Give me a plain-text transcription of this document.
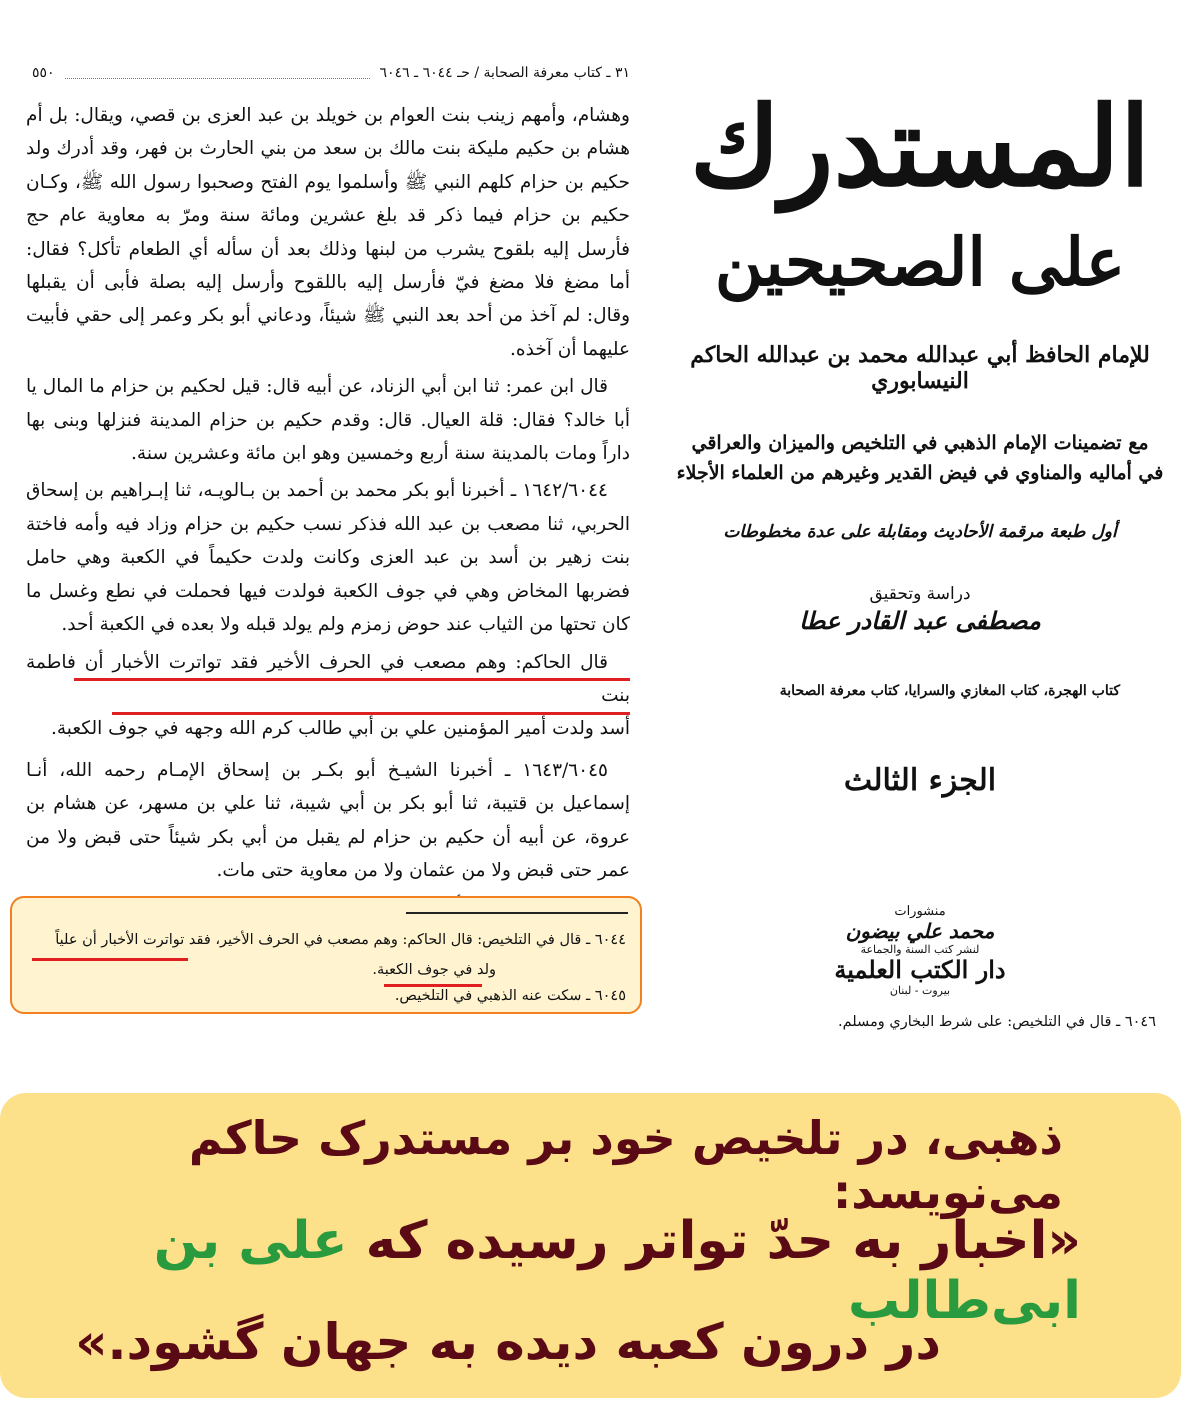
٣١ ـ كتاب معرفة الصحابة / حـ ٦٠٤٤ ـ ٦٠٤٦
٥٥٠

وهشام، وأمهم زينب بنت العوام بن خويلد بن عبد العزى بن قصي، ويقال: بل أم هشام بن حكيم مليكة بنت مالك بن سعد من بني الحارث بن فهر، وقد أدرك ولد حكيم بن حزام كلهم النبي ﷺ وأسلموا يوم الفتح وصحبوا رسول الله ﷺ، وكـان حكيم بن حزام فيما ذكر قد بلغ عشرين ومائة سنة ومرّ به معاوية عام حج فأرسل إليه بلقوح يشرب من لبنها وذلك بعد أن سأله أي الطعام تأكل؟ فقال: أما مضغ فلا مضغ فيّ فأرسل إليه باللقوح وأرسل إليه بصلة فأبى أن يقبلها وقال: لم آخذ من أحد بعد النبي ﷺ شيئاً، ودعاني أبو بكر وعمر إلى حقي فأبيت عليهما أن آخذه.

قال ابن عمر: ثنا ابن أبي الزناد، عن أبيه قال: قيل لحكيم بن حزام ما المال يا أبا خالد؟ فقال: قلة العيال. قال: وقدم حكيم بن حزام المدينة فنزلها وبنى بها داراً ومات بالمدينة سنة أربع وخمسين وهو ابن مائة وعشرين سنة.

١٦٤٢/٦٠٤٤ ـ أخبرنا أبو بكر محمد بن أحمد بن بـالويـه، ثنا إبـراهيم بن إسحاق الحربي، ثنا مصعب بن عبد الله فذكر نسب حكيم بن حزام وزاد فيه وأمه فاختة بنت زهير بن أسد بن عبد العزى وكانت ولدت حكيماً في الكعبة وهي حامل فضربها المخاض وهي في جوف الكعبة فولدت فيها فحملت في نطع وغسل ما كان تحتها من الثياب عند حوض زمزم ولم يولد قبله ولا بعده في الكعبة أحد.

قال الحاكم: وهم مصعب في الحرف الأخير فقد تواترت الأخبار أن فاطمة بنت

أسد ولدت أمير المؤمنين علي بن أبي طالب كرم الله وجهه في جوف الكعبة.

١٦٤٣/٦٠٤٥ ـ أخبرنا الشيـخ أبو بكـر بن إسحاق الإمـام رحمه الله، أنـا إسماعيل بن قتيبة، ثنا أبو بكر بن أبي شيبة، ثنا علي بن مسهر، عن هشام بن عروة، عن أبيه أن حكيم بن حزام لم يقبل من أبي بكر شيئاً حتى قبض ولا من عمر حتى قبض ولا من عثمان ولا من معاوية حتى مات.

٦٠٤٤ ـ قال في التلخيص: قال الحاكم: وهم مصعب في الحرف الأخير، فقد تواترت الأخبار أن علياً
ولد في جوف الكعبة.
٦٠٤٥ ـ سكت عنه الذهبي في التلخيص.
٦٠٤٦ ـ قال في التلخيص: على شرط البخاري ومسلم.
المستدرك
على الصحيحين
للإمام الحافظ أبي عبدالله محمد بن عبدالله الحاكم النيسابوري
مع تضمينات الإمام الذهبي في التلخيص والميزان والعراقي
في أماليه والمناوي في فيض القدير وغيرهم من العلماء الأجلاء
أول طبعة مرقمة الأحاديث ومقابلة على عدة مخطوطات
دراسة وتحقيق
مصطفى عبد القادر عطا
كتاب الهجرة، كتاب المغازي والسرايا، كتاب معرفة الصحابة
الجزء الثالث
منشورات
محمد علي بيضون
لنشر كتب السنة والجماعة
دار الكتب العلمية
بيروت - لبنان
ذهبی، در تلخیص خود بر مستدرک حاکم می‌نویسد:
«اخبار به حدّ تواتر رسیده که علی بن ابی‌طالب
در درون کعبه دیده به جهان گشود.»
